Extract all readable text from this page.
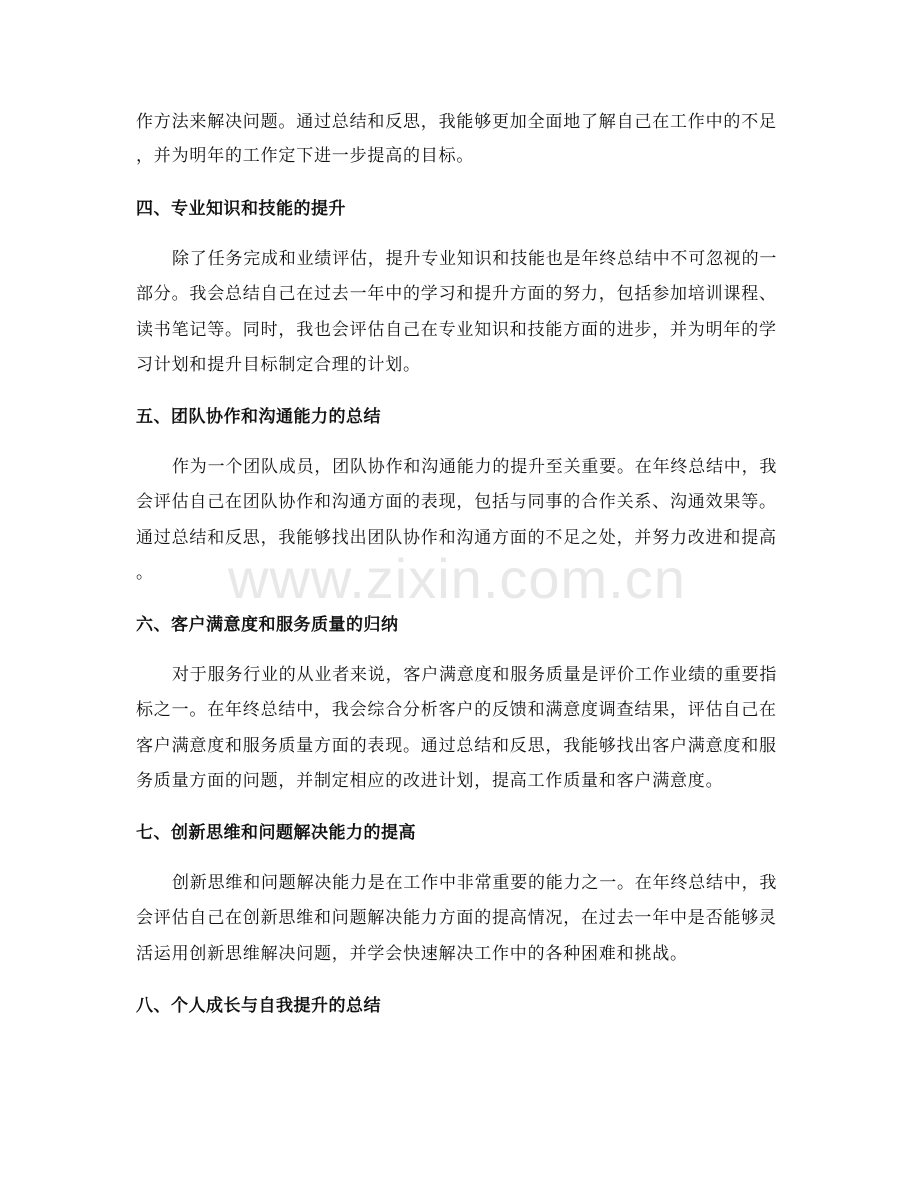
作方法来解决问题。通过总结和反思，我能够更加全面地了解自己在工作中的不足
，并为明年的工作定下进一步提高的目标。
四、专业知识和技能的提升
除了任务完成和业绩评估，提升专业知识和技能也是年终总结中不可忽视的一
部分。我会总结自己在过去一年中的学习和提升方面的努力，包括参加培训课程、
读书笔记等。同时，我也会评估自己在专业知识和技能方面的进步，并为明年的学
习计划和提升目标制定合理的计划。
五、团队协作和沟通能力的总结
作为一个团队成员，团队协作和沟通能力的提升至关重要。在年终总结中，我
会评估自己在团队协作和沟通方面的表现，包括与同事的合作关系、沟通效果等。
通过总结和反思，我能够找出团队协作和沟通方面的不足之处，并努力改进和提高
。
六、客户满意度和服务质量的归纳
对于服务行业的从业者来说，客户满意度和服务质量是评价工作业绩的重要指
标之一。在年终总结中，我会综合分析客户的反馈和满意度调查结果，评估自己在
客户满意度和服务质量方面的表现。通过总结和反思，我能够找出客户满意度和服
务质量方面的问题，并制定相应的改进计划，提高工作质量和客户满意度。
七、创新思维和问题解决能力的提高
创新思维和问题解决能力是在工作中非常重要的能力之一。在年终总结中，我
会评估自己在创新思维和问题解决能力方面的提高情况，在过去一年中是否能够灵
活运用创新思维解决问题，并学会快速解决工作中的各种困难和挑战。
八、个人成长与自我提升的总结
www.zixin.com.cn
